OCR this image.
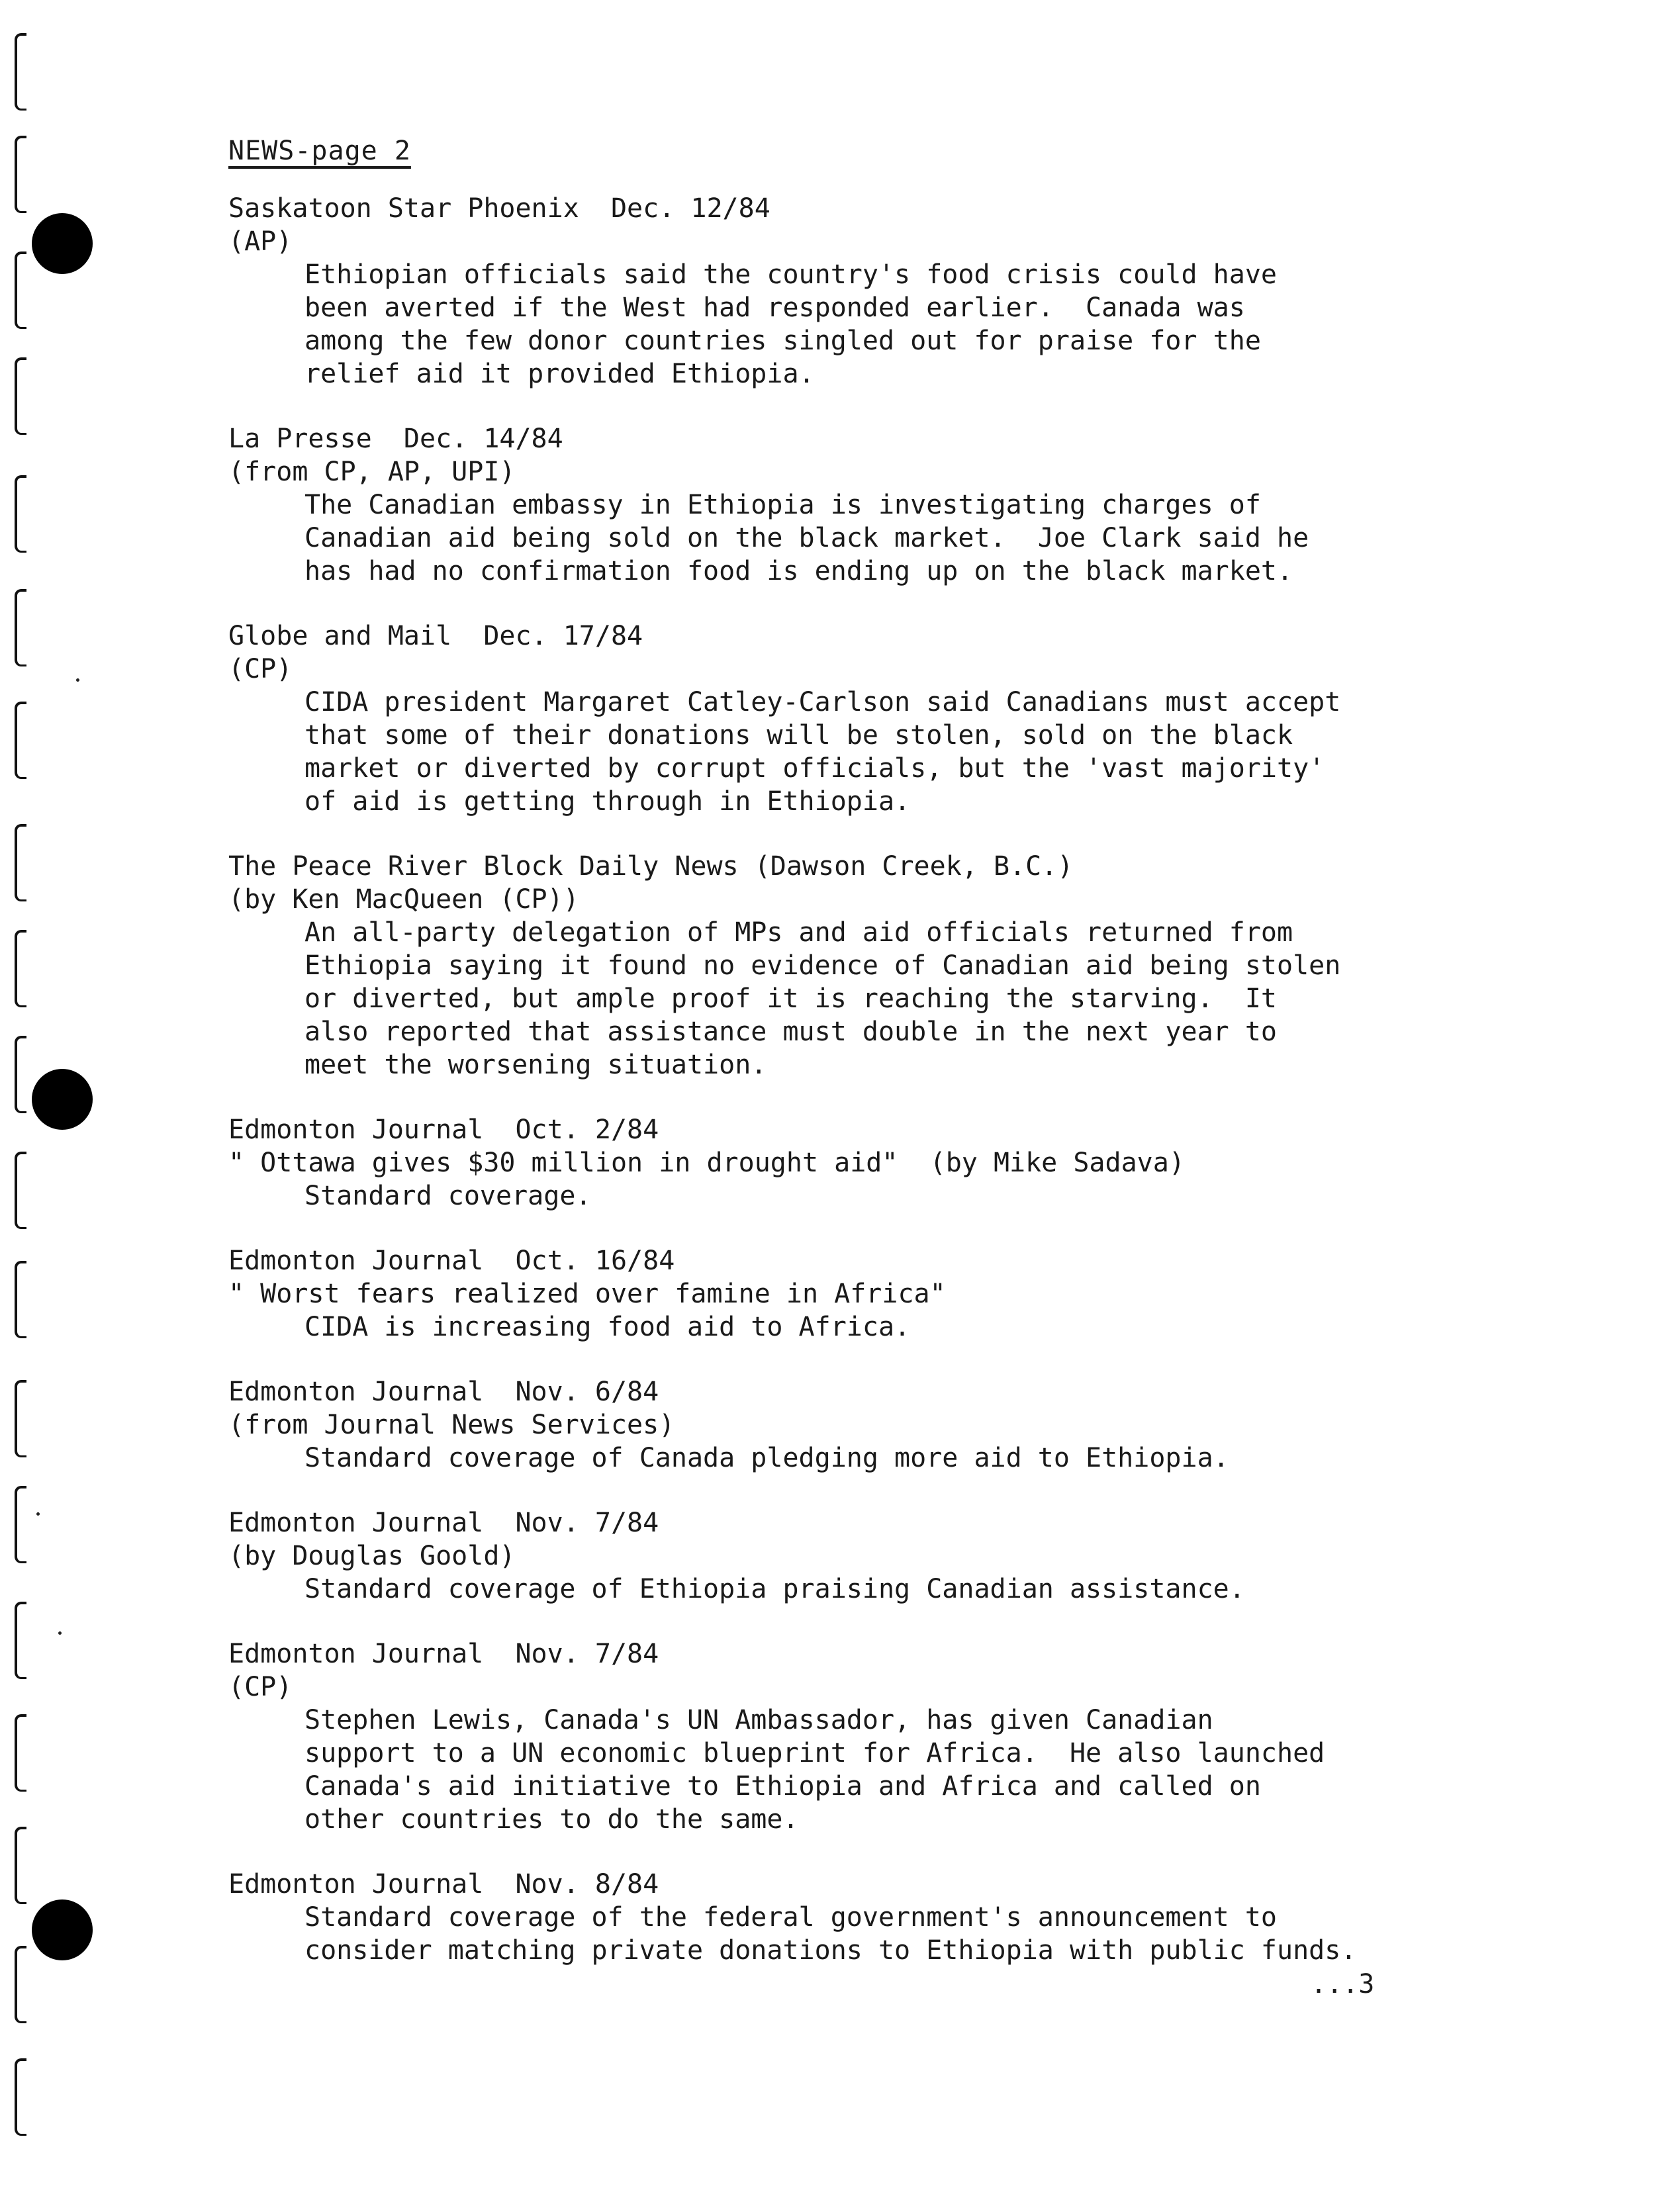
NEWS-page 2
Saskatoon Star Phoenix  Dec. 12/84
(AP)
Ethiopian officials said the country's food crisis could have
been averted if the West had responded earlier.  Canada was
among the few donor countries singled out for praise for the
relief aid it provided Ethiopia.
La Presse  Dec. 14/84
(from CP, AP, UPI)
The Canadian embassy in Ethiopia is investigating charges of
Canadian aid being sold on the black market.  Joe Clark said he
has had no confirmation food is ending up on the black market.
Globe and Mail  Dec. 17/84
(CP)
CIDA president Margaret Catley-Carlson said Canadians must accept
that some of their donations will be stolen, sold on the black
market or diverted by corrupt officials, but the 'vast majority'
of aid is getting through in Ethiopia.
The Peace River Block Daily News (Dawson Creek, B.C.)
(by Ken MacQueen (CP))
An all-party delegation of MPs and aid officials returned from
Ethiopia saying it found no evidence of Canadian aid being stolen
or diverted, but ample proof it is reaching the starving.  It
also reported that assistance must double in the next year to
meet the worsening situation.
Edmonton Journal  Oct. 2/84
" Ottawa gives $30 million in drought aid"  (by Mike Sadava)
Standard coverage.
Edmonton Journal  Oct. 16/84
" Worst fears realized over famine in Africa"
CIDA is increasing food aid to Africa.
Edmonton Journal  Nov. 6/84
(from Journal News Services)
Standard coverage of Canada pledging more aid to Ethiopia.
Edmonton Journal  Nov. 7/84
(by Douglas Goold)
Standard coverage of Ethiopia praising Canadian assistance.
Edmonton Journal  Nov. 7/84
(CP)
Stephen Lewis, Canada's UN Ambassador, has given Canadian
support to a UN economic blueprint for Africa.  He also launched
Canada's aid initiative to Ethiopia and Africa and called on
other countries to do the same.
Edmonton Journal  Nov. 8/84
Standard coverage of the federal government's announcement to
consider matching private donations to Ethiopia with public funds.
...3
